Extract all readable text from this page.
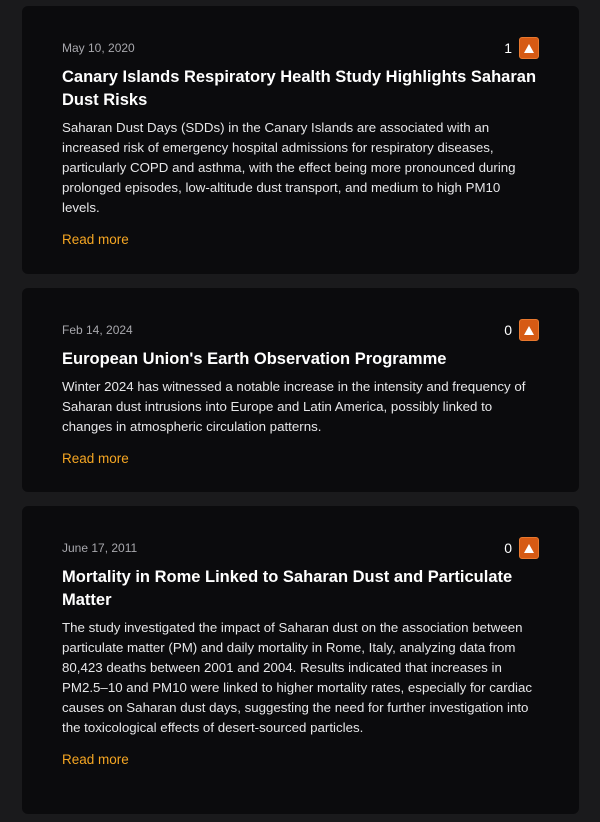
May 10, 2020	1
Canary Islands Respiratory Health Study Highlights Saharan Dust Risks

Saharan Dust Days (SDDs) in the Canary Islands are associated with an increased risk of emergency hospital admissions for respiratory diseases, particularly COPD and asthma, with the effect being more pronounced during prolonged episodes, low-altitude dust transport, and medium to high PM10 levels.

Read more
Feb 14, 2024	0
European Union's Earth Observation Programme

Winter 2024 has witnessed a notable increase in the intensity and frequency of Saharan dust intrusions into Europe and Latin America, possibly linked to changes in atmospheric circulation patterns.

Read more
June 17, 2011	0
Mortality in Rome Linked to Saharan Dust and Particulate Matter

The study investigated the impact of Saharan dust on the association between particulate matter (PM) and daily mortality in Rome, Italy, analyzing data from 80,423 deaths between 2001 and 2004. Results indicated that increases in PM2.5–10 and PM10 were linked to higher mortality rates, especially for cardiac causes on Saharan dust days, suggesting the need for further investigation into the toxicological effects of desert-sourced particles.

Read more
